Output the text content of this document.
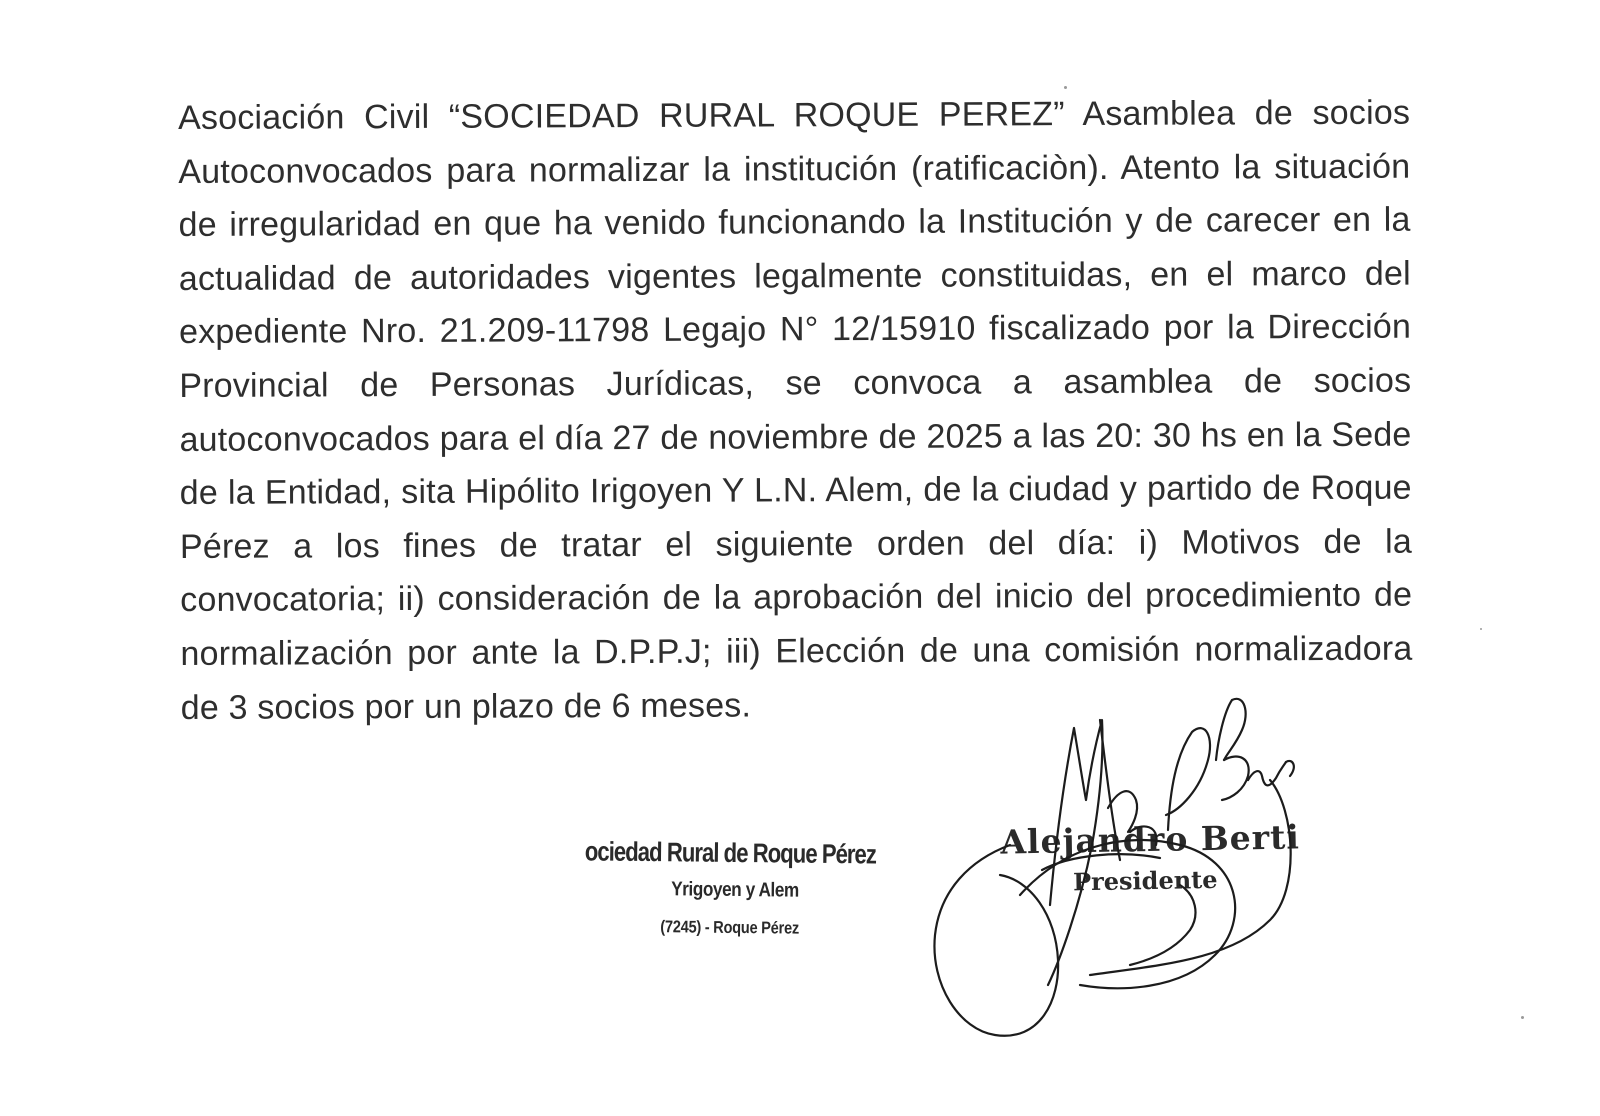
Asociación Civil “SOCIEDAD RURAL ROQUE PEREZ” Asamblea de socios Autoconvocados para normalizar la institución (ratificaciòn). Atento la situación de irregularidad en que ha venido funcionando la Institución y de carecer en la actualidad de autoridades vigentes legalmente constituidas, en el marco del expediente Nro. 21.209-11798 Legajo N° 12/15910 fiscalizado por la Dirección Provincial de Personas Jurídicas, se convoca a asamblea de socios autoconvocados para el día 27 de noviembre de 2025 a las 20: 30 hs en la Sede de la Entidad, sita Hipólito Irigoyen Y L.N. Alem, de la ciudad y partido de Roque Pérez a los fines de tratar el siguiente orden del día: i) Motivos de la convocatoria; ii) consideración de la aprobación del inicio del procedimiento de normalización por ante la D.P.P.J; iii) Elección de una comisión normalizadora de 3 socios por un plazo de 6 meses.

ociedad Rural de Roque Pérez
Yrigoyen y Alem
(7245) - Roque Pérez
Alejandro Berti
Presidente
